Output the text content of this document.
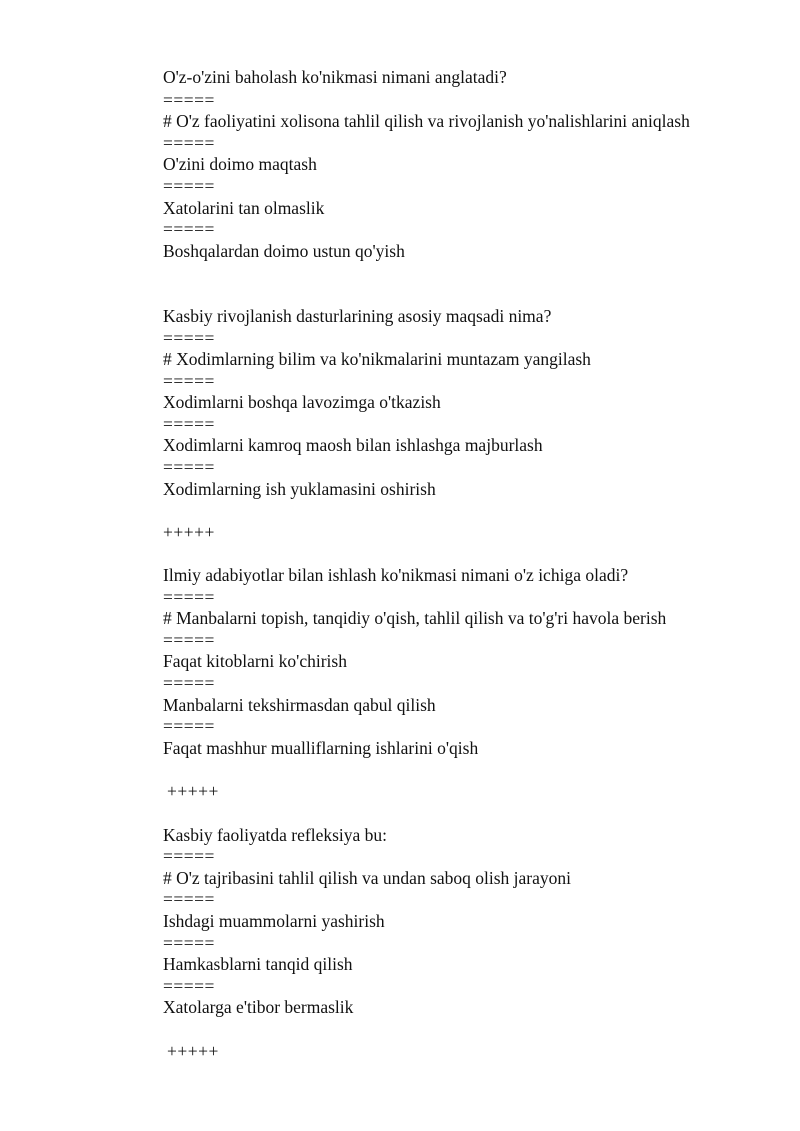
O'z-o'zini baholash ko'nikmasi nimani anglatadi?
=====
# O'z faoliyatini xolisona tahlil qilish va rivojlanish yo'nalishlarini aniqlash
=====
O'zini doimo maqtash
=====
Xatolarini tan olmaslik
=====
Boshqalardan doimo ustun qo'yish
Kasbiy rivojlanish dasturlarining asosiy maqsadi nima?
=====
# Xodimlarning bilim va ko'nikmalarini muntazam yangilash
=====
Xodimlarni boshqa lavozimga o'tkazish
=====
Xodimlarni kamroq maosh bilan ishlashga majburlash
=====
Xodimlarning ish yuklamasini oshirish
+++++
Ilmiy adabiyotlar bilan ishlash ko'nikmasi nimani o'z ichiga oladi?
=====
# Manbalarni topish, tanqidiy o'qish, tahlil qilish va to'g'ri havola berish
=====
Faqat kitoblarni ko'chirish
=====
Manbalarni tekshirmasdan qabul qilish
=====
Faqat mashhur mualliflarning ishlarini o'qish
+++++
Kasbiy faoliyatda refleksiya bu:
=====
# O'z tajribasini tahlil qilish va undan saboq olish jarayoni
=====
Ishdagi muammolarni yashirish
=====
Hamkasblarni tanqid qilish
=====
Xatolarga e'tibor bermaslik
+++++
